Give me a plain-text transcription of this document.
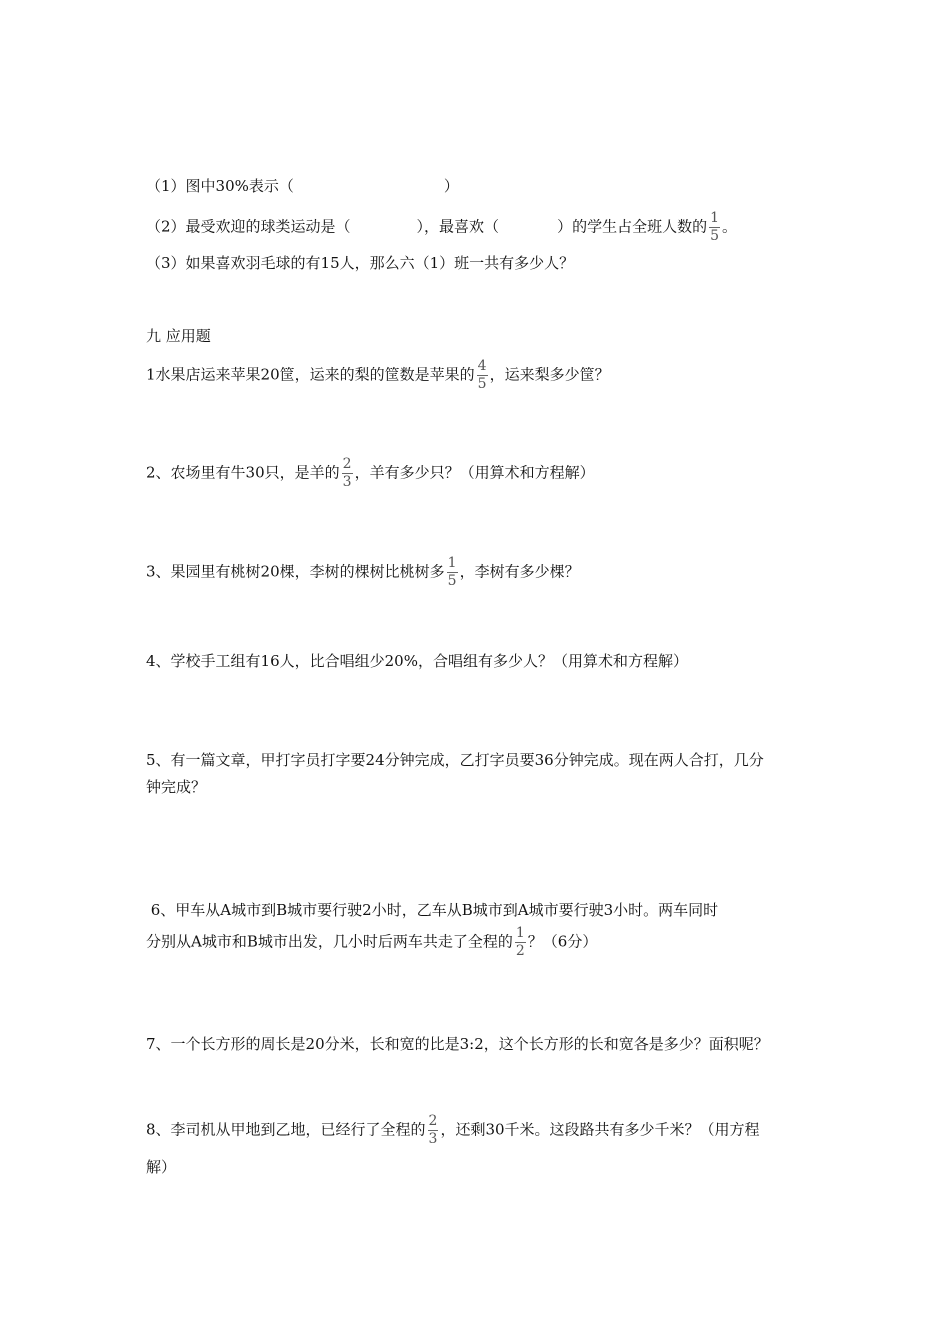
（1）图中30%表示（	）
（2）最受欢迎的球类运动是（	），最喜欢（	）的学生占全班人数的 $\frac{1}{5}$ 。
（3）如果喜欢羽毛球的有15人，那么六（1）班一共有多少人？
九 应用题
1水果店运来苹果20筐，运来的梨的筐数是苹果的 $\frac{4}{5}$ ，运来梨多少筐？
2、农场里有牛30只，是羊的 $\frac{2}{3}$ ，羊有多少只？（用算术和方程解）
3、果园里有桃树20棵，李树的棵树比桃树多 $\frac{1}{5}$ ，李树有多少棵？
4、学校手工组有16人，比合唱组少20%，合唱组有多少人？（用算术和方程解）
5、有一篇文章，甲打字员打字要24分钟完成，乙打字员要36分钟完成。现在两人合打，几分
钟完成？
6、甲车从A城市到B城市要行驶2小时，乙车从B城市到A城市要行驶3小时。两车同时
分别从A城市和B城市出发，几小时后两车共走了全程的 $\frac{1}{2}$ ？（6分）
7、一个长方形的周长是20分米，长和宽的比是3:2，这个长方形的长和宽各是多少？面积呢？
8、李司机从甲地到乙地，已经行了全程的 $\frac{2}{3}$ ，还剩30千米。这段路共有多少千米？（用方程
解）
